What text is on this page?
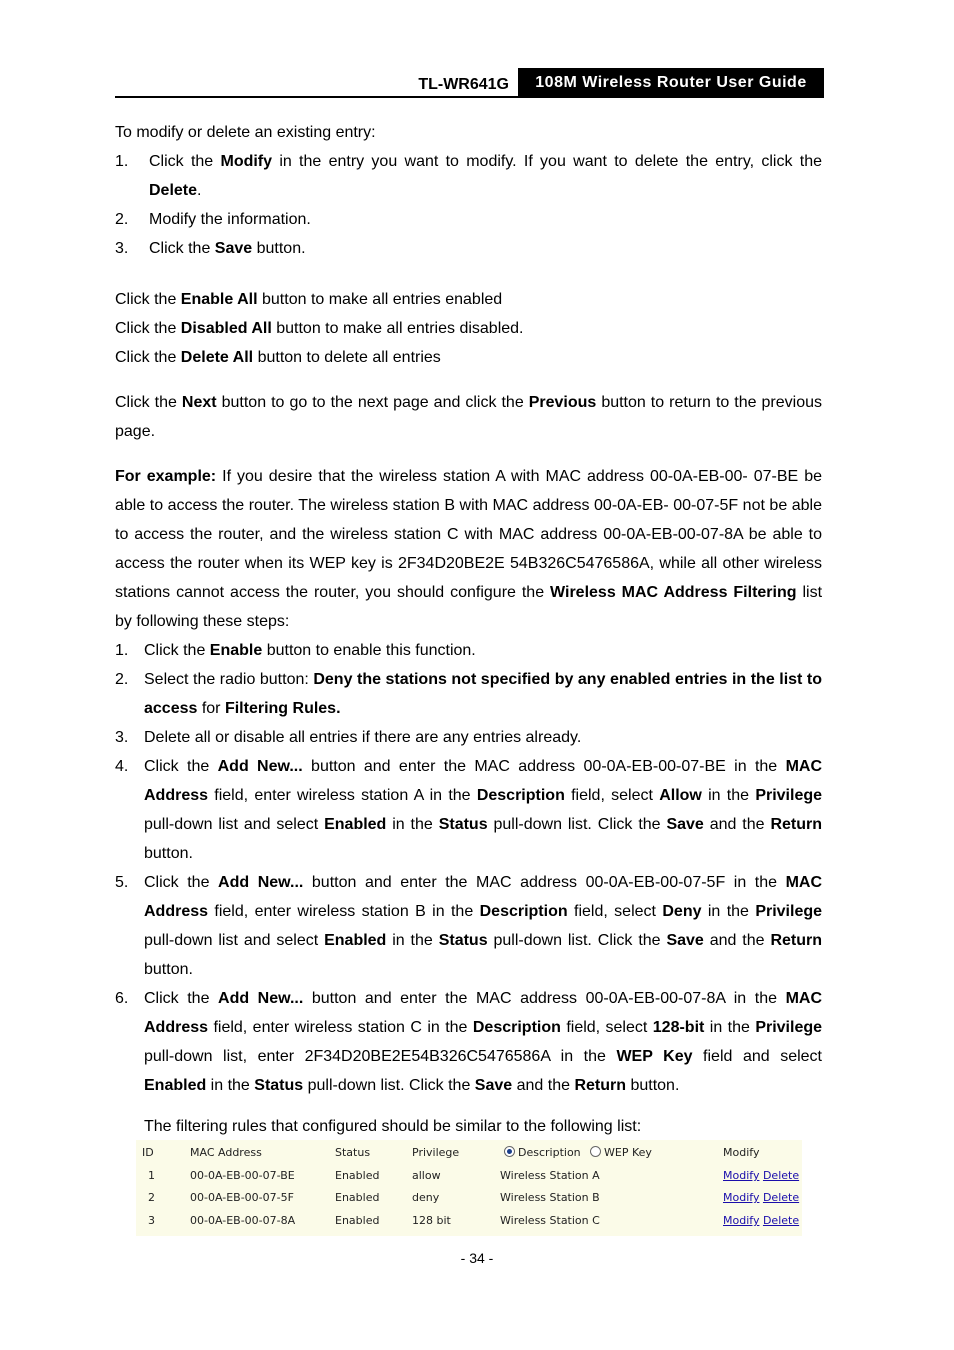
TL-WR641G	108M Wireless Router User Guide

To modify or delete an existing entry:

1. Click the Modify in the entry you want to modify. If you want to delete the entry, click the Delete.
2. Modify the information.
3. Click the Save button.

Click the Enable All button to make all entries enabled

Click the Disabled All button to make all entries disabled.

Click the Delete All button to delete all entries

Click the Next button to go to the next page and click the Previous button to return to the previous page.

For example: If you desire that the wireless station A with MAC address 00-0A-EB-00- 07-BE be able to access the router. The wireless station B with MAC address 00-0A-EB- 00-07-5F not be able to access the router, and the wireless station C with MAC address 00-0A-EB-00-07-8A be able to access the router when its WEP key is 2F34D20BE2E 54B326C5476586A, while all other wireless stations cannot access the router, you should configure the Wireless MAC Address Filtering list by following these steps:

1. Click the Enable button to enable this function.
2. Select the radio button: Deny the stations not specified by any enabled entries in the list to access for Filtering Rules.
3. Delete all or disable all entries if there are any entries already.
4. Click the Add New... button and enter the MAC address 00-0A-EB-00-07-BE in the MAC Address field, enter wireless station A in the Description field, select Allow in the Privilege pull-down list and select Enabled in the Status pull-down list. Click the Save and the Return button.
5. Click the Add New... button and enter the MAC address 00-0A-EB-00-07-5F in the MAC Address field, enter wireless station B in the Description field, select Deny in the Privilege pull-down list and select Enabled in the Status pull-down list. Click the Save and the Return button.
6. Click the Add New... button and enter the MAC address 00-0A-EB-00-07-8A in the MAC Address field, enter wireless station C in the Description field, select 128-bit in the Privilege pull-down list, enter 2F34D20BE2E54B326C5476586A in the WEP Key field and select Enabled in the Status pull-down list. Click the Save and the Return button.

The filtering rules that configured should be similar to the following list:

ID	MAC Address	Status	Privilege	Description	WEP Key	Modify
1	00-0A-EB-00-07-BE	Enabled	allow	Wireless Station A	Modify Delete
2	00-0A-EB-00-07-5F	Enabled	deny	Wireless Station B	Modify Delete
3	00-0A-EB-00-07-8A	Enabled	128 bit	Wireless Station C	Modify Delete
- 34 -
